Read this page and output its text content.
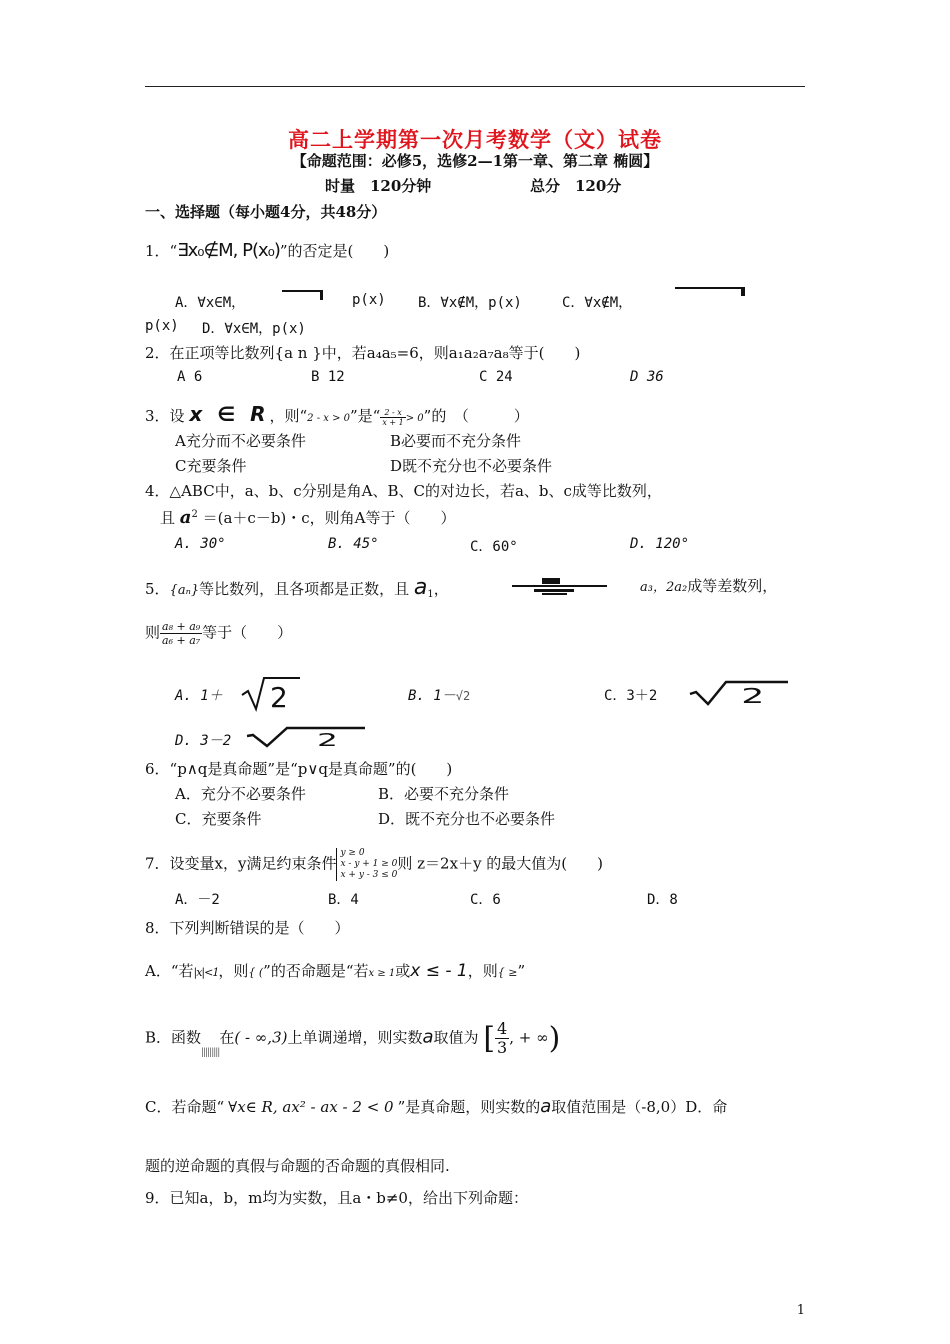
高二上学期第一次月考数学（文）试卷
【命题范围：必修5，选修2—1第一章、第二章 椭圆】
时量　120分钟	总分　120分
一、选择题（每小题4分，共48分）
1．“∃x₀∉M, P(x₀)”的否定是(　　)
A．∀x∈M，	p(x) B．∀x∉M，p(x)	C．∀x∉M，
p(x) D．∀x∈M，p(x)
2．在正项等比数列{a n }中，若a₄a₅=6，则a₁a₂a₇a₈等于(　　)
A 6	B 12	C 24	D 36
3．设 x ∈ R，则“2 - x > 0”是“ $\frac{2 - x}{x + 1} > 0$”的　（　　　）
A充分而不必要条件	B必要而不充分条件
C充要条件	D既不充分也不必要条件
4．△ABC中，a、b、c分别是角A、B、C的对边长，若a、b、c成等比数列，
且 $a^2 =(a+c-b)$・c，则角A等于（　　）
A. 30°	B. 45°	C．60°	D. 120°
5．{aₙ}等比数列，且各项都是正数，且 $a_1$，	a₃，2a₂成等差数列，
则 $\frac{\text{a₈ + a₉}}{\text{a₆ + a₇}}$ 等于（　　）
A. 1＋ 2	B. 1－√2	C．3＋2	2
D. 3－2	2
6．“p∧q是真命题”是“p∨q是真命题”的(　　)
A．充分不必要条件	B．必要不充分条件
C．充要条件	D．既不充分也不必要条件
7．设变量x，y满足约束条件
y ≥ 0
x - y + 1 ≥ 0
x + y - 3 ≤ 0
则 z＝2x＋y 的最大值为(　　)
A．－2	B．4	C．6	D．8
8．下列判断错误的是（　　）
A．“若|x|<1，则{ (”的否命题是“若x ≥ 1或x ≤ - 1，则{ ≥”
B．函数$_{|||||||||}$在( - ∞,3)上单调递增，则实数a取值为 [ $\frac{4}{3}$ , + ∞)
C．若命题“ ∀x∈ R, ax² - ax - 2 < 0 ”是真命题，则实数的a取值范围是（-8,0）D．命
题的逆命题的真假与命题的否命题的真假相同.
9．已知a，b，m均为实数，且a・b≠0，给出下列命题：
1
